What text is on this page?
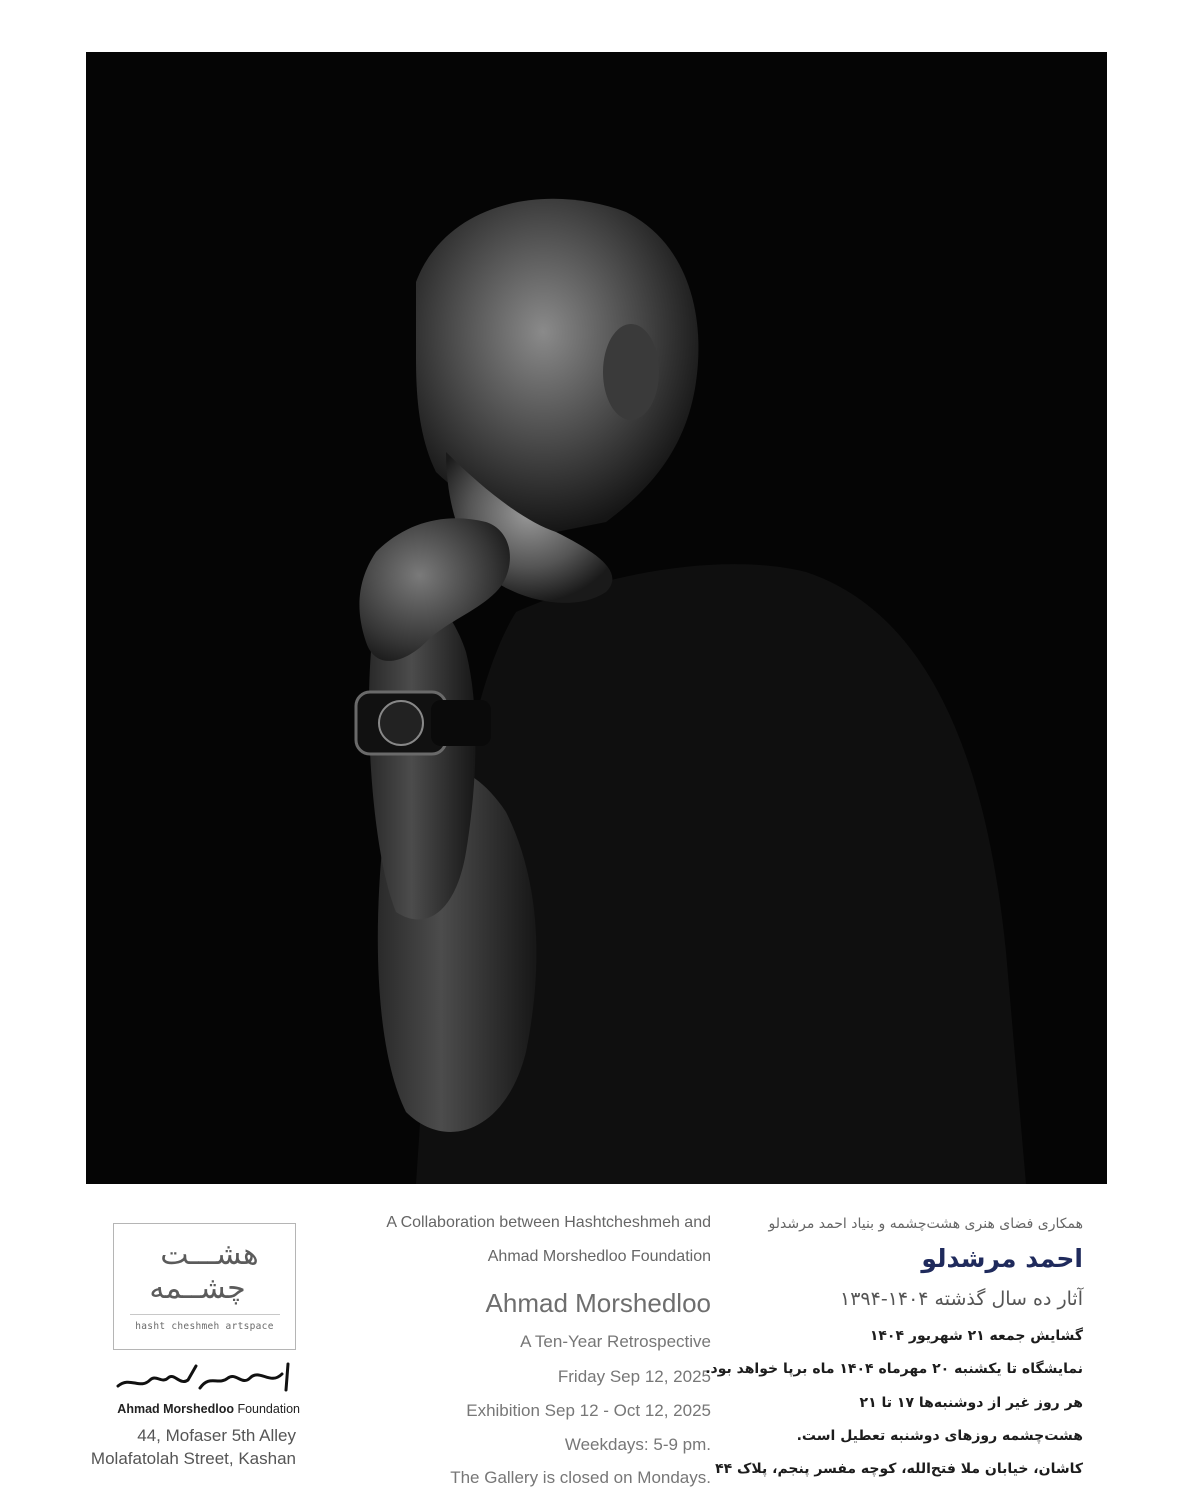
هشـــت
چشــمه
hasht cheshmeh artspace
Ahmad Morshedloo Foundation
44, Mofaser 5th Alley
Molafatolah Street, Kashan
A Collaboration between Hashtcheshmeh and
Ahmad Morshedloo Foundation
Ahmad Morshedloo
A Ten-Year Retrospective
Friday Sep 12, 2025
Exhibition Sep 12 - Oct 12, 2025
Weekdays: 5-9 pm.
The Gallery is closed on Mondays.
همکاری فضای هنری هشت‌چشمه و بنیاد احمد مرشدلو
احمد مرشدلو
آثار ده سال گذشته ۱۴۰۴-۱۳۹۴
گشایش جمعه ۲۱ شهریور ۱۴۰۴
نمایشگاه تا یکشنبه ۲۰ مهرماه ۱۴۰۴ ماه برپا خواهد بود.
هر روز غیر از دوشنبه‌ها ۱۷ تا ۲۱
هشت‌چشمه روزهای دوشنبه تعطیل است.
کاشان، خیابان ملا فتح‌الله، کوچه مفسر پنجم، پلاک ۴۴
